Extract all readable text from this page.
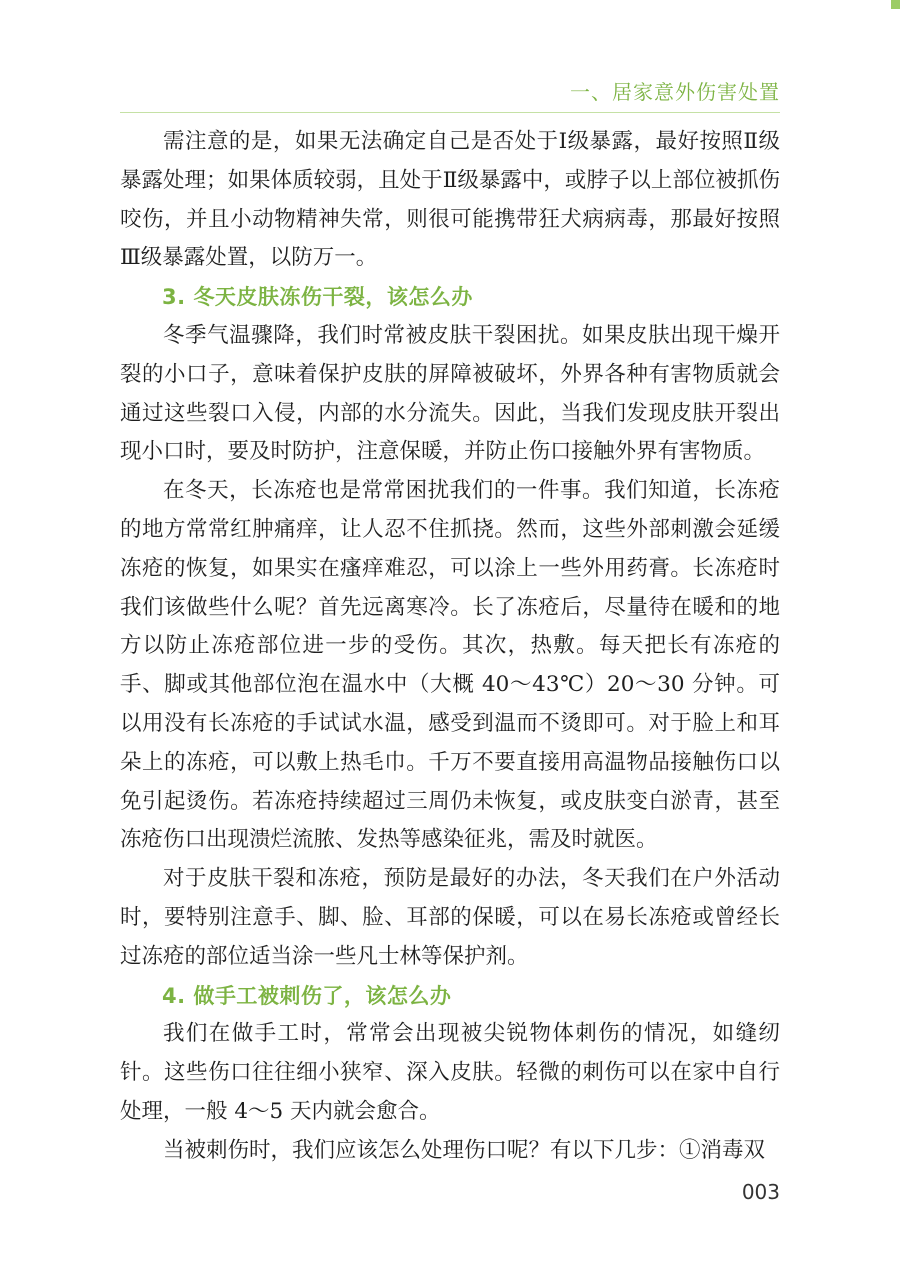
一、居家意外伤害处置

需注意的是，如果无法确定自己是否处于Ⅰ级暴露，最好按照Ⅱ级暴露处理；如果体质较弱，且处于Ⅱ级暴露中，或脖子以上部位被抓伤咬伤，并且小动物精神失常，则很可能携带狂犬病病毒，那最好按照Ⅲ级暴露处置，以防万一。

3. 冬天皮肤冻伤干裂，该怎么办

冬季气温骤降，我们时常被皮肤干裂困扰。如果皮肤出现干燥开裂的小口子，意味着保护皮肤的屏障被破坏，外界各种有害物质就会通过这些裂口入侵，内部的水分流失。因此，当我们发现皮肤开裂出现小口时，要及时防护，注意保暖，并防止伤口接触外界有害物质。

在冬天，长冻疮也是常常困扰我们的一件事。我们知道，长冻疮的地方常常红肿痛痒，让人忍不住抓挠。然而，这些外部刺激会延缓冻疮的恢复，如果实在瘙痒难忍，可以涂上一些外用药膏。长冻疮时我们该做些什么呢？首先远离寒冷。长了冻疮后，尽量待在暖和的地方以防止冻疮部位进一步的受伤。其次，热敷。每天把长有冻疮的手、脚或其他部位泡在温水中（大概 40～43℃）20～30 分钟。可以用没有长冻疮的手试试水温，感受到温而不烫即可。对于脸上和耳朵上的冻疮，可以敷上热毛巾。千万不要直接用高温物品接触伤口以免引起烫伤。若冻疮持续超过三周仍未恢复，或皮肤变白淤青，甚至冻疮伤口出现溃烂流脓、发热等感染征兆，需及时就医。

对于皮肤干裂和冻疮，预防是最好的办法，冬天我们在户外活动时，要特别注意手、脚、脸、耳部的保暖，可以在易长冻疮或曾经长过冻疮的部位适当涂一些凡士林等保护剂。

4. 做手工被刺伤了，该怎么办

我们在做手工时，常常会出现被尖锐物体刺伤的情况，如缝纫针。这些伤口往往细小狭窄、深入皮肤。轻微的刺伤可以在家中自行处理，一般 4～5 天内就会愈合。

当被刺伤时，我们应该怎么处理伤口呢？有以下几步：①消毒双

003
